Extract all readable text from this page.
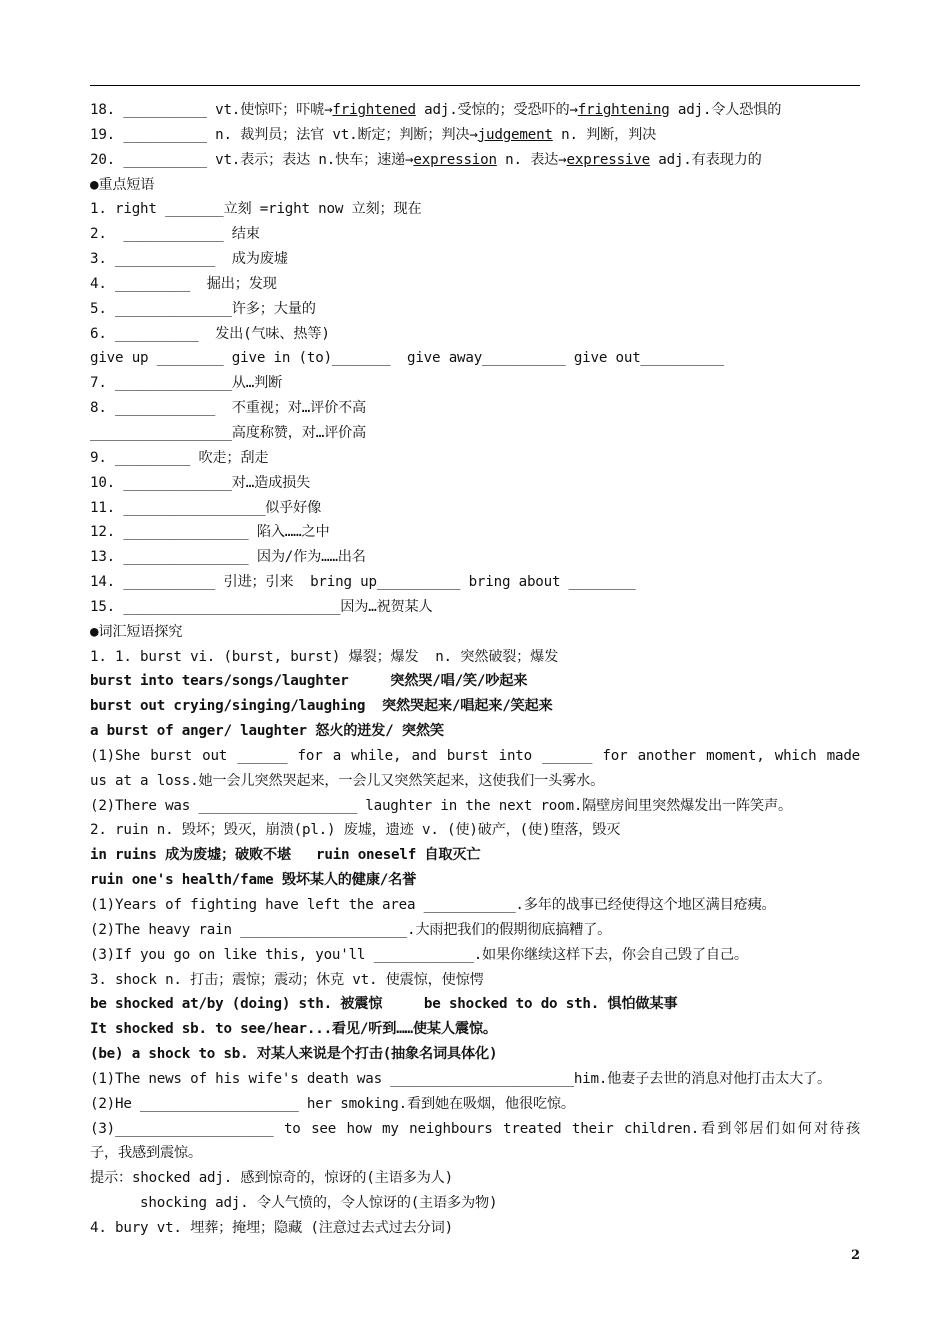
18. __________ vt.使惊吓；吓唬→frightened adj.受惊的；受恐吓的→frightening adj.令人恐惧的
19. __________ n. 裁判员；法官 vt.断定；判断；判决→judgement n. 判断，判决
20. __________ vt.表示；表达 n.快车；速递→expression n. 表达→expressive adj.有表现力的
●重点短语
1. right _______立刻 =right now 立刻；现在
2.  ____________ 结束
3. ____________  成为废墟
4. _________  掘出；发现
5. ______________许多；大量的
6. __________  发出(气味、热等)
give up ________ give in (to)_______  give away__________ give out__________
7. ______________从…判断
8. ____________  不重视；对…评价不高
_________________高度称赞，对…评价高
9. _________ 吹走；刮走
10. _____________对…造成损失
11. _________________似乎好像
12. _______________ 陷入……之中
13. _______________ 因为/作为……出名
14. ___________ 引进；引来  bring up__________ bring about ________
15. __________________________因为…祝贺某人
●词汇短语探究
1. 1. burst vi. (burst, burst) 爆裂；爆发  n. 突然破裂；爆发
burst into tears/songs/laughter     突然哭/唱/笑/吵起来
burst out crying/singing/laughing  突然哭起来/唱起来/笑起来
a burst of anger/ laughter 怒火的迸发/ 突然笑
(1)She burst out ______ for a while, and burst into ______ for another moment, which made
us at a loss.她一会儿突然哭起来，一会儿又突然笑起来，这使我们一头雾水。
(2)There was ___________________ laughter in the next room.隔壁房间里突然爆发出一阵笑声。
2. ruin n. 毁坏；毁灭，崩溃(pl.) 废墟，遗迹 v. (使)破产，(使)堕落，毁灭
in ruins 成为废墟；破败不堪   ruin oneself 自取灭亡
ruin one's health/fame 毁坏某人的健康/名誉
(1)Years of fighting have left the area ___________.多年的战事已经使得这个地区满目疮痍。
(2)The heavy rain ____________________.大雨把我们的假期彻底搞糟了。
(3)If you go on like this, you'll ____________.如果你继续这样下去，你会自己毁了自己。
3. shock n. 打击；震惊；震动；休克 vt. 使震惊，使惊愕
be shocked at/by (doing) sth. 被震惊     be shocked to do sth. 惧怕做某事
It shocked sb. to see/hear...看见/听到……使某人震惊。
(be) a shock to sb. 对某人来说是个打击(抽象名词具体化)
(1)The news of his wife's death was ______________________him.他妻子去世的消息对他打击太大了。
(2)He ___________________ her smoking.看到她在吸烟，他很吃惊。
(3)___________________ to see how my neighbours treated their children.看到邻居们如何对待孩
子，我感到震惊。
提示：shocked adj. 感到惊奇的，惊讶的(主语多为人)
shocking adj. 令人气愤的，令人惊讶的(主语多为物)
4. bury vt. 埋葬；掩埋；隐藏 (注意过去式过去分词)
2
